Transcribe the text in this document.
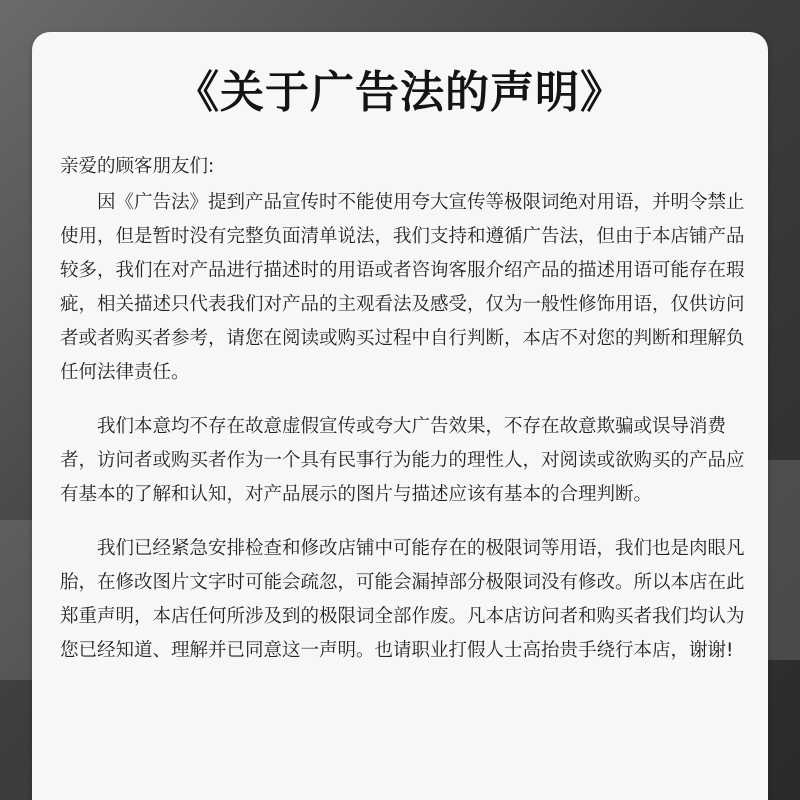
《关于广告法的声明》

亲爱的顾客朋友们:

因《广告法》提到产品宣传时不能使用夸大宣传等极限词绝对用语，并明令禁止使用，但是暂时没有完整负面清单说法，我们支持和遵循广告法，但由于本店铺产品较多，我们在对产品进行描述时的用语或者咨询客服介绍产品的描述用语可能存在瑕疵，相关描述只代表我们对产品的主观看法及感受，仅为一般性修饰用语，仅供访问者或者购买者参考，请您在阅读或购买过程中自行判断，本店不对您的判断和理解负任何法律责任。

我们本意均不存在故意虚假宣传或夸大广告效果，不存在故意欺骗或误导消费者，访问者或购买者作为一个具有民事行为能力的理性人，对阅读或欲购买的产品应有基本的了解和认知，对产品展示的图片与描述应该有基本的合理判断。

我们已经紧急安排检查和修改店铺中可能存在的极限词等用语，我们也是肉眼凡胎，在修改图片文字时可能会疏忽，可能会漏掉部分极限词没有修改。所以本店在此郑重声明，本店任何所涉及到的极限词全部作废。凡本店访问者和购买者我们均认为您已经知道、理解并已同意这一声明。也请职业打假人士高抬贵手绕行本店，谢谢!
